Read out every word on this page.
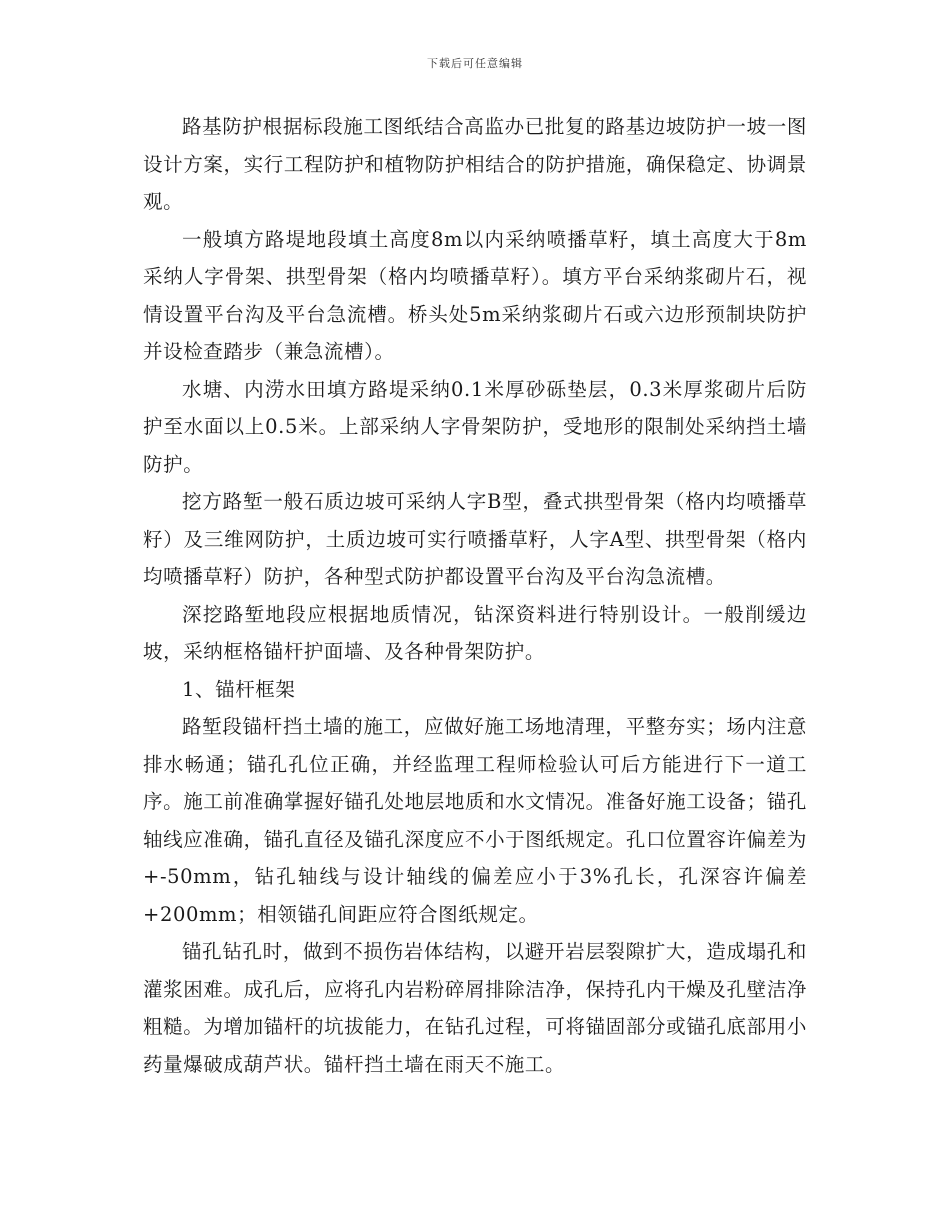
下载后可任意编辑

路基防护根据标段施工图纸结合高监办已批复的路基边坡防护一坡一图设计方案，实行工程防护和植物防护相结合的防护措施，确保稳定、协调景观。

一般填方路堤地段填土高度8m以内采纳喷播草籽，填土高度大于8m采纳人字骨架、拱型骨架（格内均喷播草籽）。填方平台采纳浆砌片石，视情设置平台沟及平台急流槽。桥头处5m采纳浆砌片石或六边形预制块防护并设检查踏步（兼急流槽）。

水塘、内涝水田填方路堤采纳0.1米厚砂砾垫层，0.3米厚浆砌片后防护至水面以上0.5米。上部采纳人字骨架防护，受地形的限制处采纳挡土墙防护。

挖方路堑一般石质边坡可采纳人字B型，叠式拱型骨架（格内均喷播草籽）及三维网防护，土质边坡可实行喷播草籽，人字A型、拱型骨架（格内均喷播草籽）防护，各种型式防护都设置平台沟及平台沟急流槽。

深挖路堑地段应根据地质情况，钻深资料进行特别设计。一般削缓边坡，采纳框格锚杆护面墙、及各种骨架防护。

1、锚杆框架

路堑段锚杆挡土墙的施工，应做好施工场地清理，平整夯实；场内注意排水畅通；锚孔孔位正确，并经监理工程师检验认可后方能进行下一道工序。施工前准确掌握好锚孔处地层地质和水文情况。准备好施工设备；锚孔轴线应准确，锚孔直径及锚孔深度应不小于图纸规定。孔口位置容许偏差为+-50mm，钻孔轴线与设计轴线的偏差应小于3%孔长，孔深容许偏差+200mm；相领锚孔间距应符合图纸规定。

锚孔钻孔时，做到不损伤岩体结构，以避开岩层裂隙扩大，造成塌孔和灌浆困难。成孔后，应将孔内岩粉碎屑排除洁净，保持孔内干燥及孔壁洁净粗糙。为增加锚杆的坑拔能力，在钻孔过程，可将锚固部分或锚孔底部用小药量爆破成葫芦状。锚杆挡土墙在雨天不施工。
